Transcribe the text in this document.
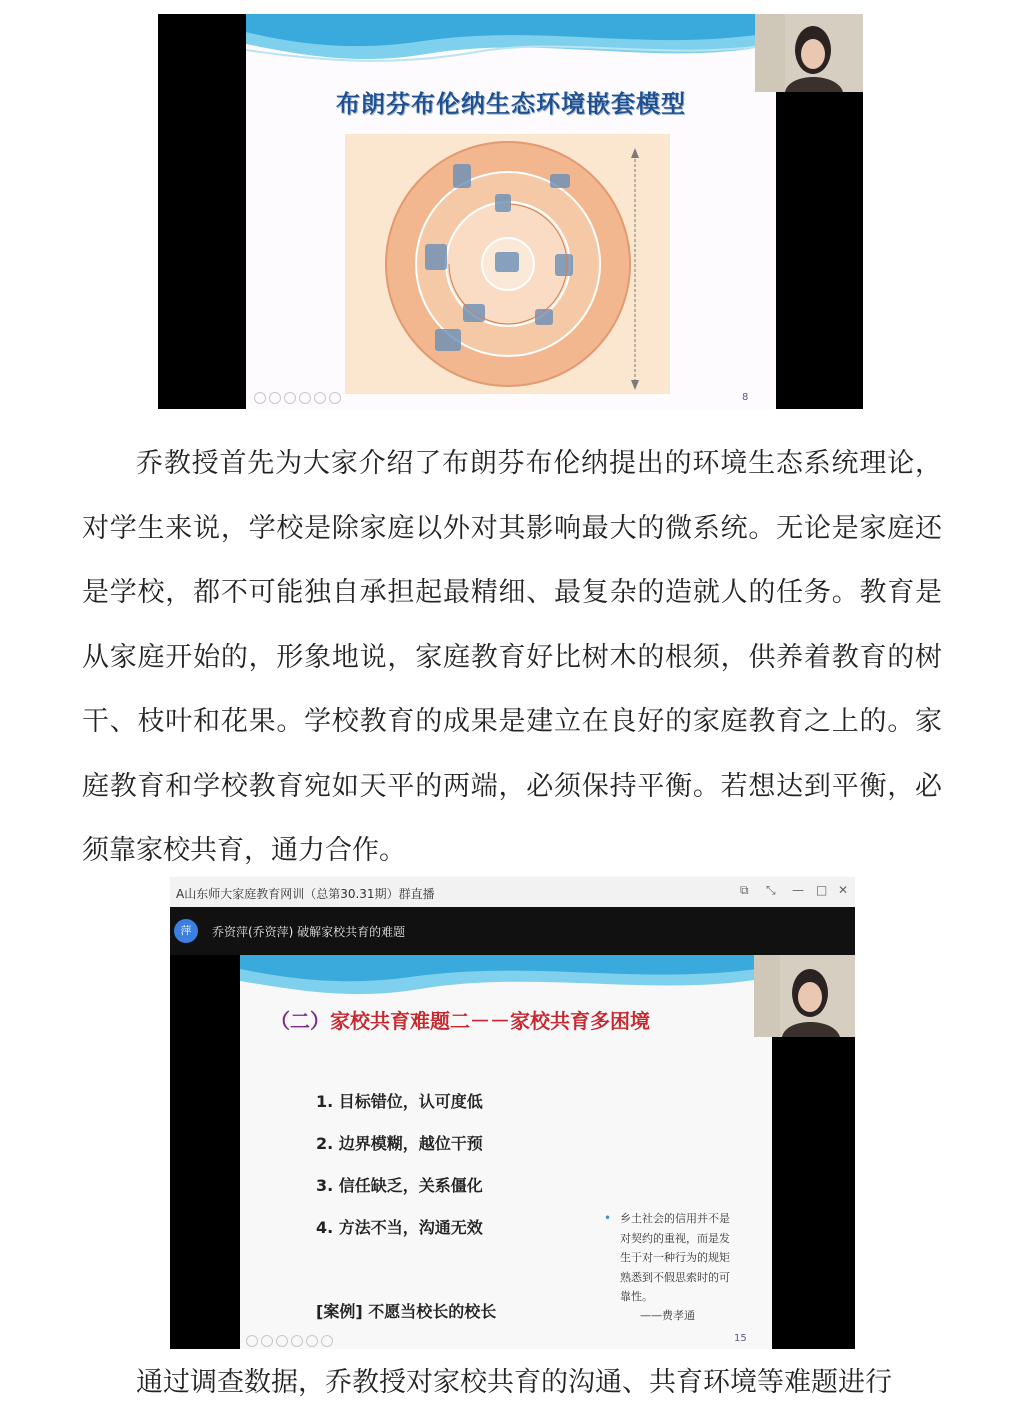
布朗芬布伦纳生态环境嵌套模型
8

乔教授首先为大家介绍了布朗芬布伦纳提出的环境生态系统理论，对学生来说，学校是除家庭以外对其影响最大的微系统。无论是家庭还是学校，都不可能独自承担起最精细、最复杂的造就人的任务。教育是从家庭开始的，形象地说，家庭教育好比树木的根须，供养着教育的树干、枝叶和花果。学校教育的成果是建立在良好的家庭教育之上的。家庭教育和学校教育宛如天平的两端，必须保持平衡。若想达到平衡，必须靠家校共育，通力合作。

A山东师大家庭教育网训（总第30.31期）群直播	⧉ ⤡ — □ ✕
萍	乔资萍(乔资萍) 破解家校共育的难题
（二）家校共育难题二－－家校共育多困境
1. 目标错位，认可度低
2. 边界模糊，越位干预
3. 信任缺乏，关系僵化
4. 方法不当，沟通无效	• 乡土社会的信用并不是对契约的重视，而是发生于对一种行为的规矩熟悉到不假思索时的可靠性。
——费孝通
[案例] 不愿当校长的校长
15

通过调查数据，乔教授对家校共育的沟通、共育环境等难题进行
